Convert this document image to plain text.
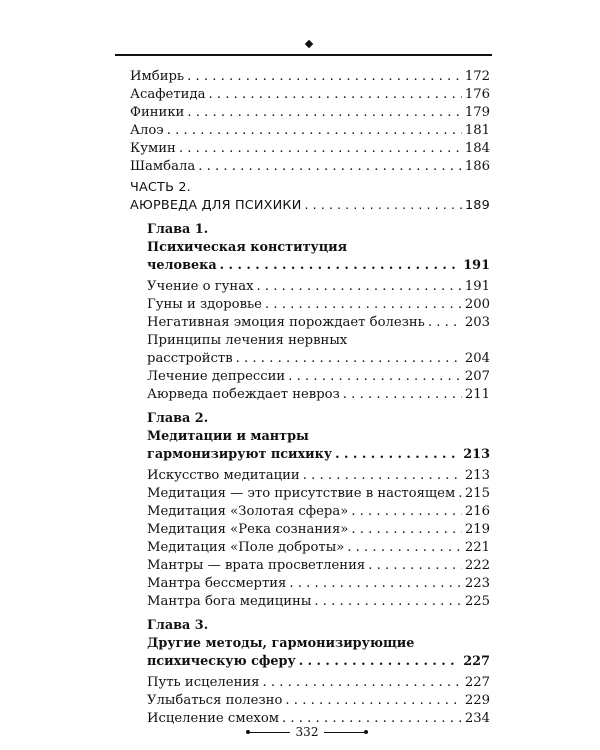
Имбирь . . .	172
Асафетида . . .	176
Финики . . .	179
Алоэ . . .	181
Кумин . . .	184
Шамбала . . .	186
ЧАСТЬ 2.
АЮРВЕДА ДЛЯ ПСИХИКИ . . .	189
Глава 1.
Психическая конституция
человека . . .	191
Учение о гунах . . .	191
Гуны и здоровье . . .	200
Негативная эмоция порождает болезнь . . .	203
Принципы лечения нервных
расстройств . . .	204
Лечение депрессии . . .	207
Аюрведа побеждает невроз . . .	211
Глава 2.
Медитации и мантры
гармонизируют психику . . .	213
Искусство медитации . . .	213
Медитация — это присутствие в настоящем . . . 215
Медитация «Золотая сфера» . . .	216
Медитация «Река сознания» . . .	219
Медитация «Поле доброты» . . .	221
Мантры — врата просветления . . .	222
Мантра бессмертия . . .	223
Мантра бога медицины . . .	225
Глава 3.
Другие методы, гармонизирующие
психическую сферу . . .	227
Путь исцеления . . .	227
Улыбаться полезно . . .	229
Исцеление смехом . . .	234
332
